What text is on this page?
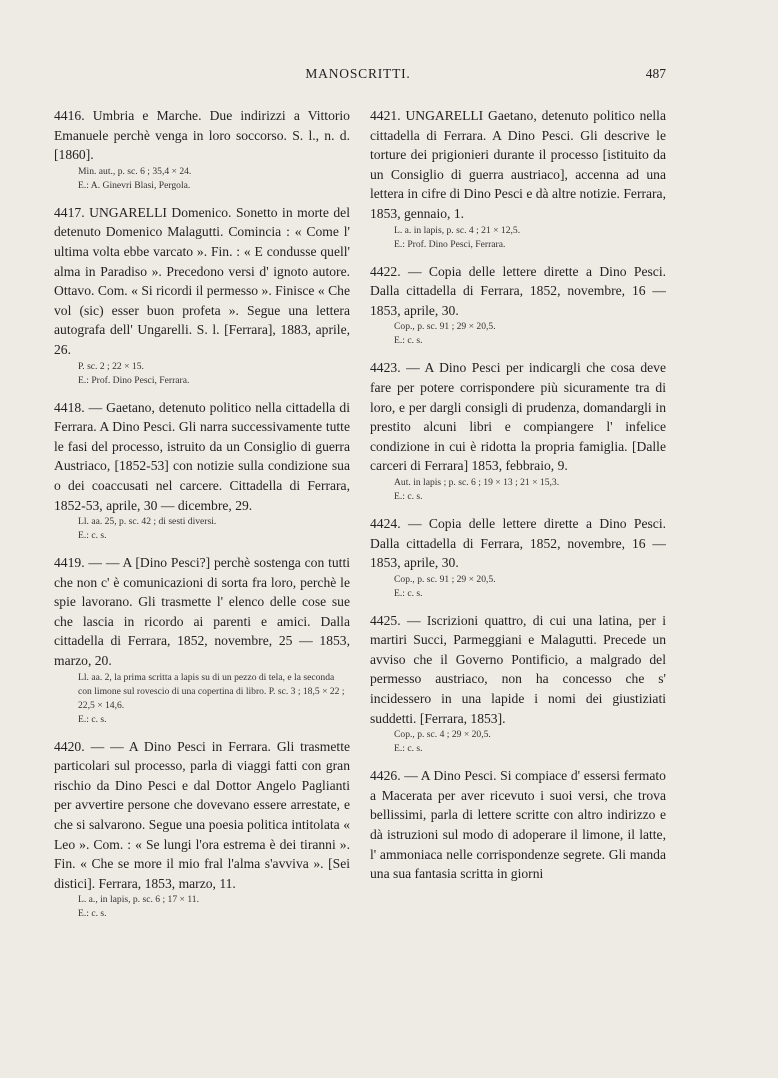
MANOSCRITTI.	487
4416. Umbria e Marche. Due indirizzi a Vittorio Emanuele perchè venga in loro soccorso. S. l., n. d. [1860].
Min. aut., p. sc. 6 ; 35,4 × 24.
E.: A. Ginevri Blasi, Pergola.
4417. UNGARELLI Domenico. Sonetto in morte del detenuto Domenico Malagutti. Comincia : « Come l' ultima volta ebbe varcato ». Fin. : « E condusse quell' alma in Paradiso ». Precedono versi d' ignoto autore. Ottavo. Com. « Si ricordi il permesso ». Finisce « Che vol (sic) esser buon profeta ». Segue una lettera autografa dell' Ungarelli. S. l. [Ferrara], 1883, aprile, 26.
P. sc. 2 ; 22 × 15.
E.: Prof. Dino Pesci, Ferrara.
4418. — Gaetano, detenuto politico nella cittadella di Ferrara. A Dino Pesci. Gli narra successivamente tutte le fasi del processo, istruito da un Consiglio di guerra Austriaco, [1852-53] con notizie sulla condizione sua o dei coaccusati nel carcere. Cittadella di Ferrara, 1852-53, aprile, 30 — dicembre, 29.
Ll. aa. 25, p. sc. 42 ; di sesti diversi.
E.: c. s.
4419. — — A [Dino Pesci?] perchè sostenga con tutti che non c' è comunicazioni di sorta fra loro, perchè le spie lavorano. Gli trasmette l' elenco delle cose sue che lascia in ricordo ai parenti e amici. Dalla cittadella di Ferrara, 1852, novembre, 25 — 1853, marzo, 20.
Ll. aa. 2, la prima scritta a lapis su di un pezzo di tela, e la seconda con limone sul rovescio di una copertina di libro. P. sc. 3 ; 18,5 × 22 ; 22,5 × 14,6.
E.: c. s.
4420. — — A Dino Pesci in Ferrara. Gli trasmette particolari sul processo, parla di viaggi fatti con gran rischio da Dino Pesci e dal Dottor Angelo Paglianti per avvertire persone che dovevano essere arrestate, e che si salvarono. Segue una poesia politica intitolata « Leo ». Com. : « Se lungi l'ora estrema è dei tiranni ». Fin. « Che se more il mio fral l'alma s'avviva ». [Sei distici]. Ferrara, 1853, marzo, 11.
L. a., in lapis, p. sc. 6 ; 17 × 11.
E.: c. s.
4421. UNGARELLI Gaetano, detenuto politico nella cittadella di Ferrara. A Dino Pesci. Gli descrive le torture dei prigionieri durante il processo [istituito da un Consiglio di guerra austriaco], accenna ad una lettera in cifre di Dino Pesci e dà altre notizie. Ferrara, 1853, gennaio, 1.
L. a. in lapis, p. sc. 4 ; 21 × 12,5.
E.: Prof. Dino Pesci, Ferrara.
4422. — Copia delle lettere dirette a Dino Pesci. Dalla cittadella di Ferrara, 1852, novembre, 16 — 1853, aprile, 30.
Cop., p. sc. 91 ; 29 × 20,5.
E.: c. s.
4423. — A Dino Pesci per indicargli che cosa deve fare per potere corrispondere più sicuramente tra di loro, e per dargli consigli di prudenza, domandargli in prestito alcuni libri e compiangere l' infelice condizione in cui è ridotta la propria famiglia. [Dalle carceri di Ferrara] 1853, febbraio, 9.
Aut. in lapis ; p. sc. 6 ; 19 × 13 ; 21 × 15,3.
E.: c. s.
4424. — Copia delle lettere dirette a Dino Pesci. Dalla cittadella di Ferrara, 1852, novembre, 16 — 1853, aprile, 30.
Cop., p. sc. 91 ; 29 × 20,5.
E.: c. s.
4425. — Iscrizioni quattro, di cui una latina, per i martiri Succi, Parmeggiani e Malagutti. Precede un avviso che il Governo Pontificio, a malgrado del permesso austriaco, non ha concesso che s' incidessero in una lapide i nomi dei giustiziati suddetti. [Ferrara, 1853].
Cop., p. sc. 4 ; 29 × 20,5.
E.: c. s.
4426. — A Dino Pesci. Si compiace d' essersi fermato a Macerata per aver ricevuto i suoi versi, che trova bellissimi, parla di lettere scritte con altro indirizzo e dà istruzioni sul modo di adoperare il limone, il latte, l' ammoniaca nelle corrispondenze segrete. Gli manda una sua fantasia scritta in giorni
